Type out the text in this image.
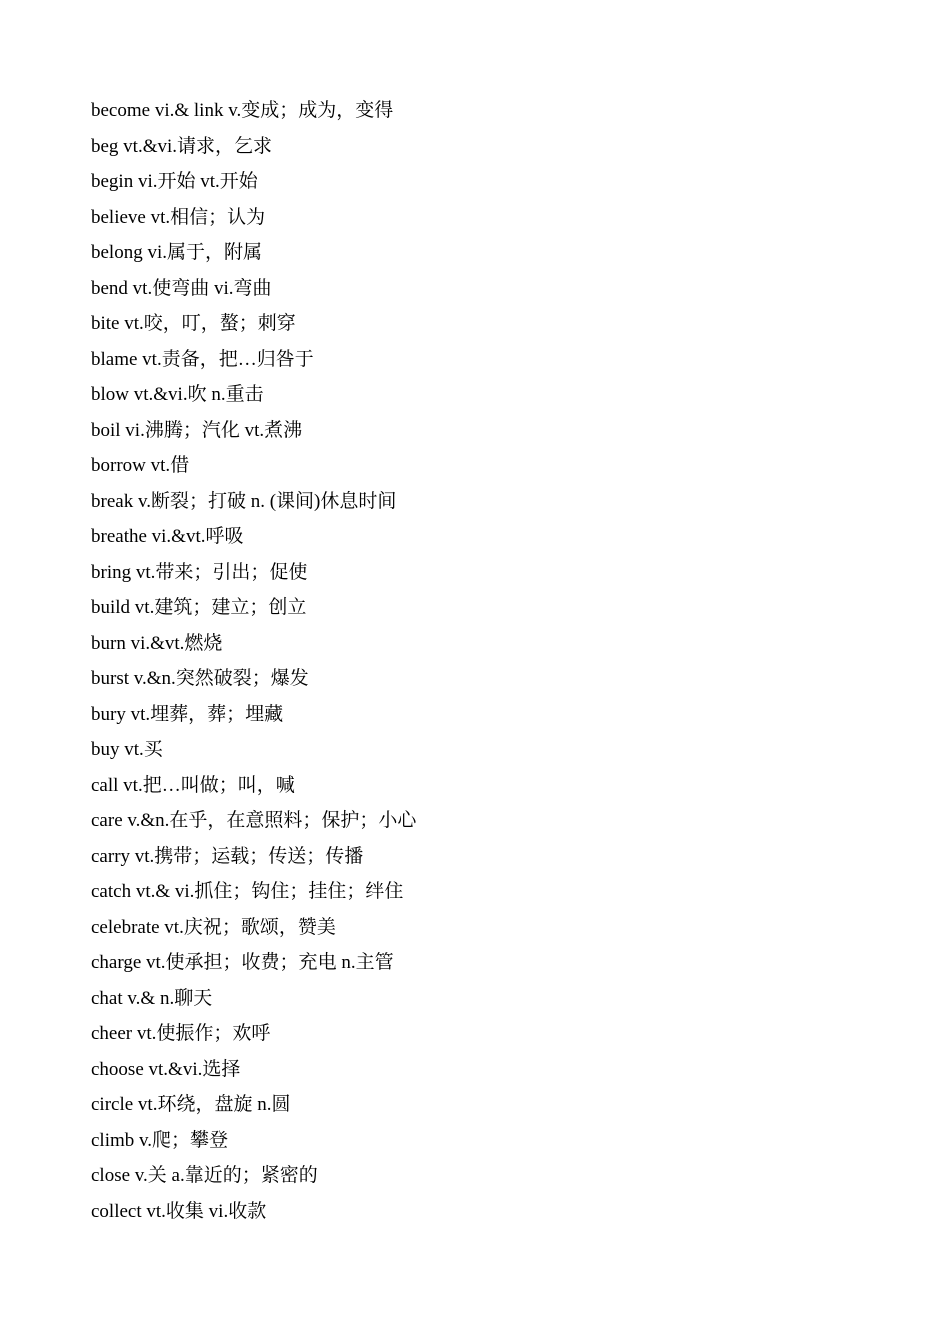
become vi.& link v.变成；成为，变得
beg vt.&vi.请求，乞求
begin vi.开始 vt.开始
believe vt.相信；认为
belong vi.属于，附属
bend vt.使弯曲 vi.弯曲
bite vt.咬，叮，螯；刺穿
blame vt.责备，把…归咎于
blow vt.&vi.吹 n.重击
boil vi.沸腾；汽化 vt.煮沸
borrow vt.借
break v.断裂；打破 n. (课间)休息时间
breathe vi.&vt.呼吸
bring vt.带来；引出；促使
build vt.建筑；建立；创立
burn vi.&vt.燃烧
burst v.&n.突然破裂；爆发
bury vt.埋葬，葬；埋藏
buy vt.买
call vt.把…叫做；叫，喊
care v.&n.在乎，在意照料；保护；小心
carry vt.携带；运载；传送；传播
catch vt.& vi.抓住；钩住；挂住；绊住
celebrate vt.庆祝；歌颂，赞美
charge vt.使承担；收费；充电 n.主管
chat v.& n.聊天
cheer vt.使振作；欢呼
choose vt.&vi.选择
circle vt.环绕，盘旋 n.圆
climb v.爬；攀登
close v.关 a.靠近的；紧密的
collect vt.收集 vi.收款
